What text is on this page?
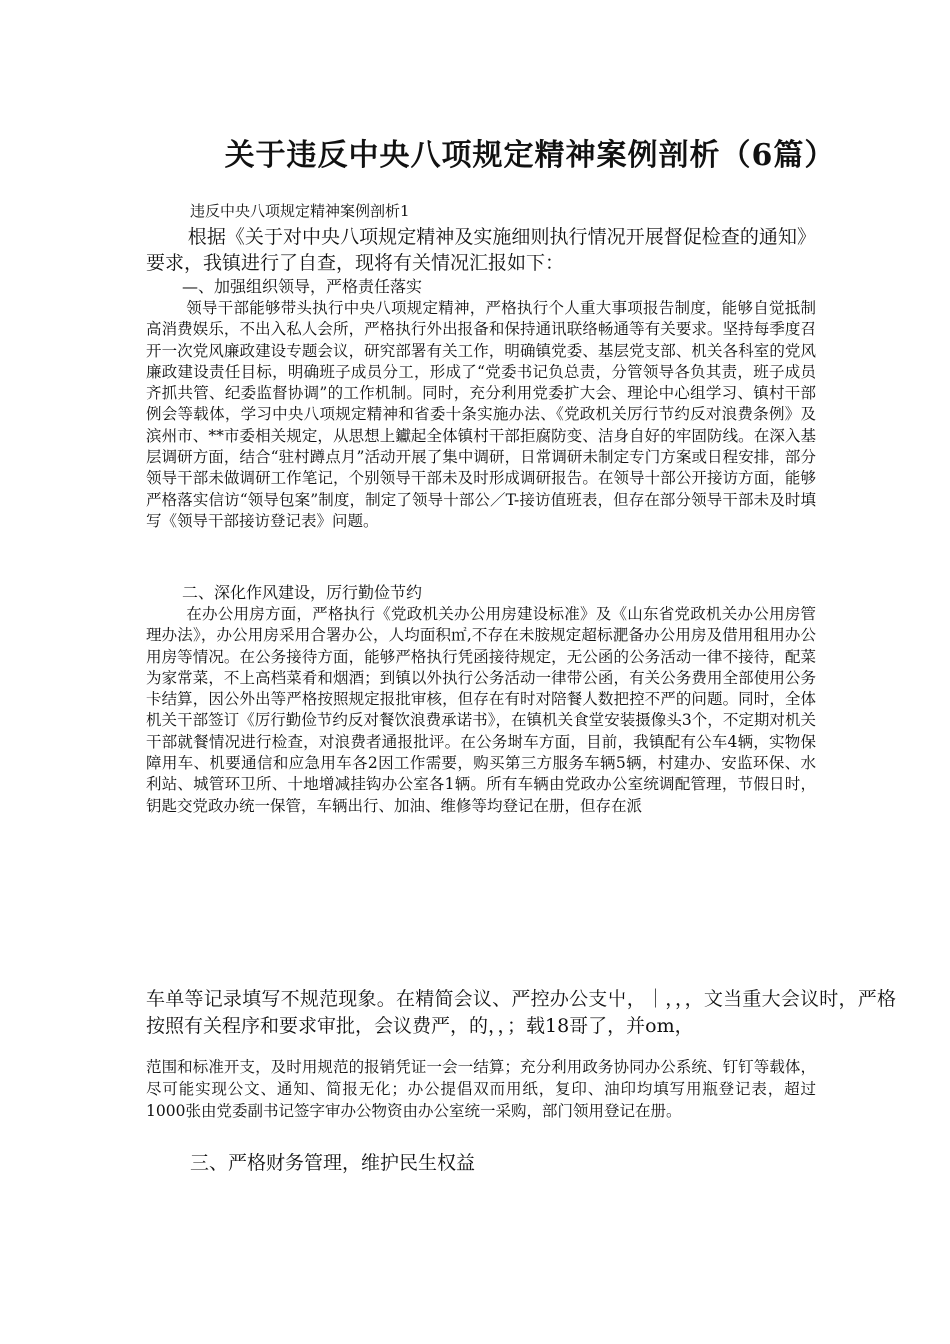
关于违反中央八项规定精神案例剖析（6篇）

违反中央八项规定精神案例剖析1

根据《关于对中央八项规定精神及实施细则执行情况开展督促检查的通知》要求，我镇进行了自查，现将有关情况汇报如下：

—、加强组织领导，严格责任落实

领导干部能够带头执行中央八项规定精神，严格执行个人重大事项报告制度，能够自觉抵制高消费娱乐，不出入私人会所，严格执行外出报备和保持通讯联络畅通等有关要求。坚持每季度召开一次党风廉政建设专题会议，研究部署有关工作，明确镇党委、基层党支部、机关各科室的党风廉政建设责任目标，明确班子成员分工，形成了“党委书记负总责，分管领导各负其责，班子成员齐抓共管、纪委监督协调”的工作机制。同时，充分利用党委扩大会、理论中心组学习、镇村干部例会等载体，学习中央八项规定精神和省委十条实施办法、《党政机关厉行节约反对浪费条例》及滨州市、**市委相关规定，从思想上钀起全体镇村干部拒腐防变、洁身自好的牢固防线。在深入基层调研方面，结合“驻村蹲点月”活动开展了集中调研，日常调研未制定专门方案或日程安排，部分领导干部未做调研工作笔记，个别领导干部未及时形成调研报告。在领导十部公开接访方面，能够严格落实信访“领导包案”制度，制定了领导十部公／T-接访值班表，但存在部分领导干部未及时填写《领导干部接访登记表》问题。

二、深化作风建设，厉行勤俭节约

在办公用房方面，严格执行《党政机关办公用房建设标准》及《山东省党政机关办公用房管理办法》，办公用房采用合署办公，人均面积㎡,不存在未胺规定超标淝备办公用房及借用租用办公用房等情况。在公务接待方面，能够严格执行凭函接待规定，无公函的公务活动一律不接待，配菜为家常菜，不上高档菜肴和烟酒；到镇以外执行公务活动一律带公函，有关公务费用全部使用公务卡结算，因公外出等严格按照规定报批审核，但存在有时对陪餐人数把控不严的问题。同时，全体机关干部签订《厉行勤俭节约反对餐饮浪费承诺书》，在镇机关食堂安装摄像头3个，不定期对机关干部就餐情况进行检查，对浪费者通报批评。在公务埘车方面，目前，我镇配有公车4辆，实物保障用车、机要通信和应急用车各2因工作需要，购买第三方服务车辆5辆，村建办、安监环保、水利站、城管环卫所、十地增减挂钩办公室各1辆。所有车辆由党政办公室统调配管理，节假日时，钥匙交党政办统一保管，车辆出行、加油、维修等均登记在册，但存在派

车单等记录填写不规范现象。在精简会议、严控办公支屮，｜，，，文当重大会议时，严格按照有关程序和要求审批，会议费严，的，，；载18哥了，并om，

范围和标准开支，及时用规范的报销凭证一会一结算；充分利用政务协同办公系统、钉钉等载体，尽可能实现公文、通知、简报无化；办公提倡双而用纸，复印、油印均填写用瓶登记表，超过1000张由党委副书记签字审办公物资由办公室统一采购，部门领用登记在册。

三、严格财务管理，维护民生权益
